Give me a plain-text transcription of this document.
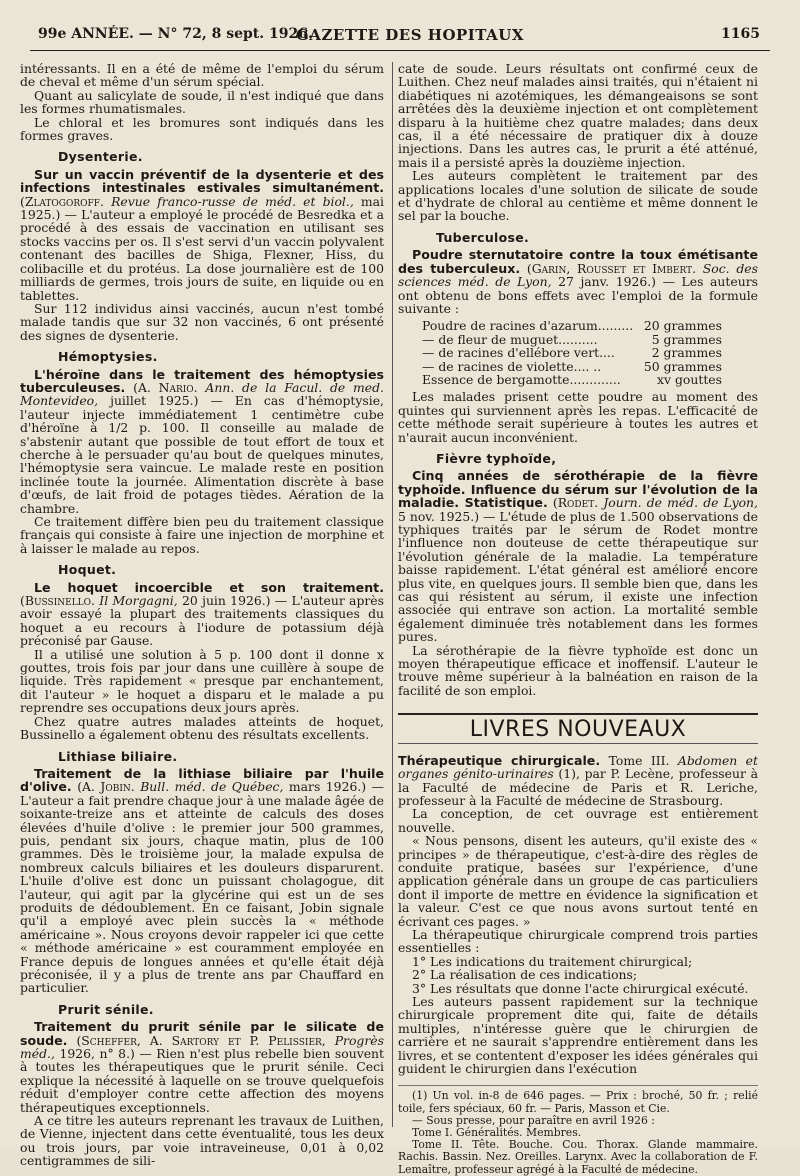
99e ANNÉE. — N° 72, 8 sept. 1926.
GAZETTE DES HOPITAUX	1165

intéressants. Il en a été de même de l'emploi du sérum de cheval et même d'un sérum spécial.

Quant au salicylate de soude, il n'est indiqué que dans les formes rhumatismales.

Le chloral et les bromures sont indiqués dans les formes graves.

Dysenterie.

Sur un vaccin préventif de la dysenterie et des infections intestinales estivales simultanément. (Zlatogoroff. Revue franco-russe de méd. et biol., mai 1925.) — L'auteur a employé le procédé de Besredka et a procédé à des essais de vaccination en utilisant ses stocks vaccins per os. Il s'est servi d'un vaccin polyvalent contenant des bacilles de Shiga, Flexner, Hiss, du colibacille et du protéus. La dose journalière est de 100 milliards de germes, trois jours de suite, en liquide ou en tablettes.

Sur 112 individus ainsi vaccinés, aucun n'est tombé malade tandis que sur 32 non vaccinés, 6 ont présenté des signes de dysenterie.

Hémoptysies.

L'héroïne dans le traitement des hémoptysies tuberculeuses. (A. Nario. Ann. de la Facul. de med. Montevideo, juillet 1925.) — En cas d'hémoptysie, l'auteur injecte immédiatement 1 centimètre cube d'héroïne à 1/2 p. 100. Il conseille au malade de s'abstenir autant que possible de tout effort de toux et cherche à le persuader qu'au bout de quelques minutes, l'hémoptysie sera vaincue. Le malade reste en position inclinée toute la journée. Alimentation discrète à base d'œufs, de lait froid de potages tièdes. Aération de la chambre.

Ce traitement diffère bien peu du traitement classique français qui consiste à faire une injection de morphine et à laisser le malade au repos.

Hoquet.

Le hoquet incoercible et son traitement. (Bussinello. Il Morgagni, 20 juin 1926.) — L'auteur après avoir essayé la plupart des traitements classiques du hoquet a eu recours à l'iodure de potassium déjà préconisé par Gause.

Il a utilisé une solution à 5 p. 100 dont il donne x gouttes, trois fois par jour dans une cuillère à soupe de liquide. Très rapidement « presque par enchantement, dit l'auteur » le hoquet a disparu et le malade a pu reprendre ses occupations deux jours après.

Chez quatre autres malades atteints de hoquet, Bussinello a également obtenu des résultats excellents.

Lithiase biliaire.

Traitement de la lithiase biliaire par l'huile d'olive. (A. Jobin. Bull. méd. de Québec, mars 1926.) — L'auteur a fait prendre chaque jour à une malade âgée de soixante-treize ans et atteinte de calculs des doses élevées d'huile d'olive : le premier jour 500 grammes, puis, pendant six jours, chaque matin, plus de 100 grammes. Dès le troisième jour, la malade expulsa de nombreux calculs biliaires et les douleurs disparurent. L'huile d'olive est donc un puissant cholagogue, dit l'auteur, qui agit par la glycérine qui est un de ses produits de dédoublement. En ce faisant, Jobin signale qu'il a employé avec plein succès la « méthode américaine ». Nous croyons devoir rappeler ici que cette « méthode américaine » est couramment employée en France depuis de longues années et qu'elle était déjà préconisée, il y a plus de trente ans par Chauffard en particulier.

Prurit sénile.

Traitement du prurit sénile par le silicate de soude. (Scheffer, A. Sartory et P. Pelissier, Progrès méd., 1926, n° 8.) — Rien n'est plus rebelle bien souvent à toutes les thérapeutiques que le prurit sénile. Ceci explique la nécessité à laquelle on se trouve quelquefois réduit d'employer contre cette affection des moyens thérapeutiques exceptionnels.

A ce titre les auteurs reprenant les travaux de Luithen, de Vienne, injectent dans cette éventualité, tous les deux ou trois jours, par voie intraveineuse, 0,01 à 0,02 centigrammes de sili-

cate de soude. Leurs résultats ont confirmé ceux de Luithen. Chez neuf malades ainsi traités, qui n'étaient ni diabétiques ni azotémiques, les démangeaisons se sont arrêtées dès la deuxième injection et ont complètement disparu à la huitième chez quatre malades; dans deux cas, il a été nécessaire de pratiquer dix à douze injections. Dans les autres cas, le prurit a été atténué, mais il a persisté après la douzième injection.

Les auteurs complètent le traitement par des applications locales d'une solution de silicate de soude et d'hydrate de chloral au centième et même donnent le sel par la bouche.

Tuberculose.

Poudre sternutatoire contre la toux émétisante des tuberculeux. (Garin, Rousset et Imbert. Soc. des sciences méd. de Lyon, 27 janv. 1926.) — Les auteurs ont obtenu de bons effets avec l'emploi de la formule suivante :

Poudre de racines d'azarum......... 20 grammes
— de fleur de muguet..........	5 grammes
— de racines d'ellébore vert....	2 grammes
— de racines de violette.... ..	50 grammes
Essence de bergamotte.............	xv gouttes

Les malades prisent cette poudre au moment des quintes qui surviennent après les repas. L'efficacité de cette méthode serait supérieure à toutes les autres et n'aurait aucun inconvénient.

Fièvre typhoïde,

Cinq années de sérothérapie de la fièvre typhoïde. Influence du sérum sur l'évolution de la maladie. Statistique. (Rodet. Journ. de méd. de Lyon, 5 nov. 1925.) — L'étude de plus de 1.500 observations de typhiques traités par le sérum de Rodet montre l'influence non douteuse de cette thérapeutique sur l'évolution générale de la maladie. La température baisse rapidement. L'état général est amélioré encore plus vite, en quelques jours. Il semble bien que, dans les cas qui résistent au sérum, il existe une infection associée qui entrave son action. La mortalité semble également diminuée très notablement dans les formes pures.

La sérothérapie de la fièvre typhoïde est donc un moyen thérapeutique efficace et inoffensif. L'auteur le trouve même supérieur à la balnéation en raison de la facilité de son emploi.

LIVRES NOUVEAUX

Thérapeutique chirurgicale. Tome III. Abdomen et organes génito-urinaires (1), par P. Lecène, professeur à la Faculté de médecine de Paris et R. Leriche, professeur à la Faculté de médecine de Strasbourg.

La conception, de cet ouvrage est entièrement nouvelle.

« Nous pensons, disent les auteurs, qu'il existe des « principes » de thérapeutique, c'est-à-dire des règles de conduite pratique, basées sur l'expérience, d'une application générale dans un groupe de cas particuliers dont il importe de mettre en évidence la signification et la valeur. C'est ce que nous avons surtout tenté en écrivant ces pages. »

La thérapeutique chirurgicale comprend trois parties essentielles :

1° Les indications du traitement chirurgical;
2° La réalisation de ces indications;
3° Les résultats que donne l'acte chirurgical exécuté.

Les auteurs passent rapidement sur la technique chirurgicale proprement dite qui, faite de détails multiples, n'intéresse guère que le chirurgien de carrière et ne saurait s'apprendre entièrement dans les livres, et se contentent d'exposer les idées générales qui guident le chirurgien dans l'exécution

(1) Un vol. in-8 de 646 pages. — Prix : broché, 50 fr. ; relié toile, fers spéciaux, 60 fr. — Paris, Masson et Cie.

— Sous presse, pour paraître en avril 1926 :

Tome I. Généralités. Membres.

Tome II. Tête. Bouche. Cou. Thorax. Glande mammaire. Rachis. Bassin. Nez. Oreilles. Larynx. Avec la collaboration de F. Lemaître, professeur agrégé à la Faculté de médecine.
